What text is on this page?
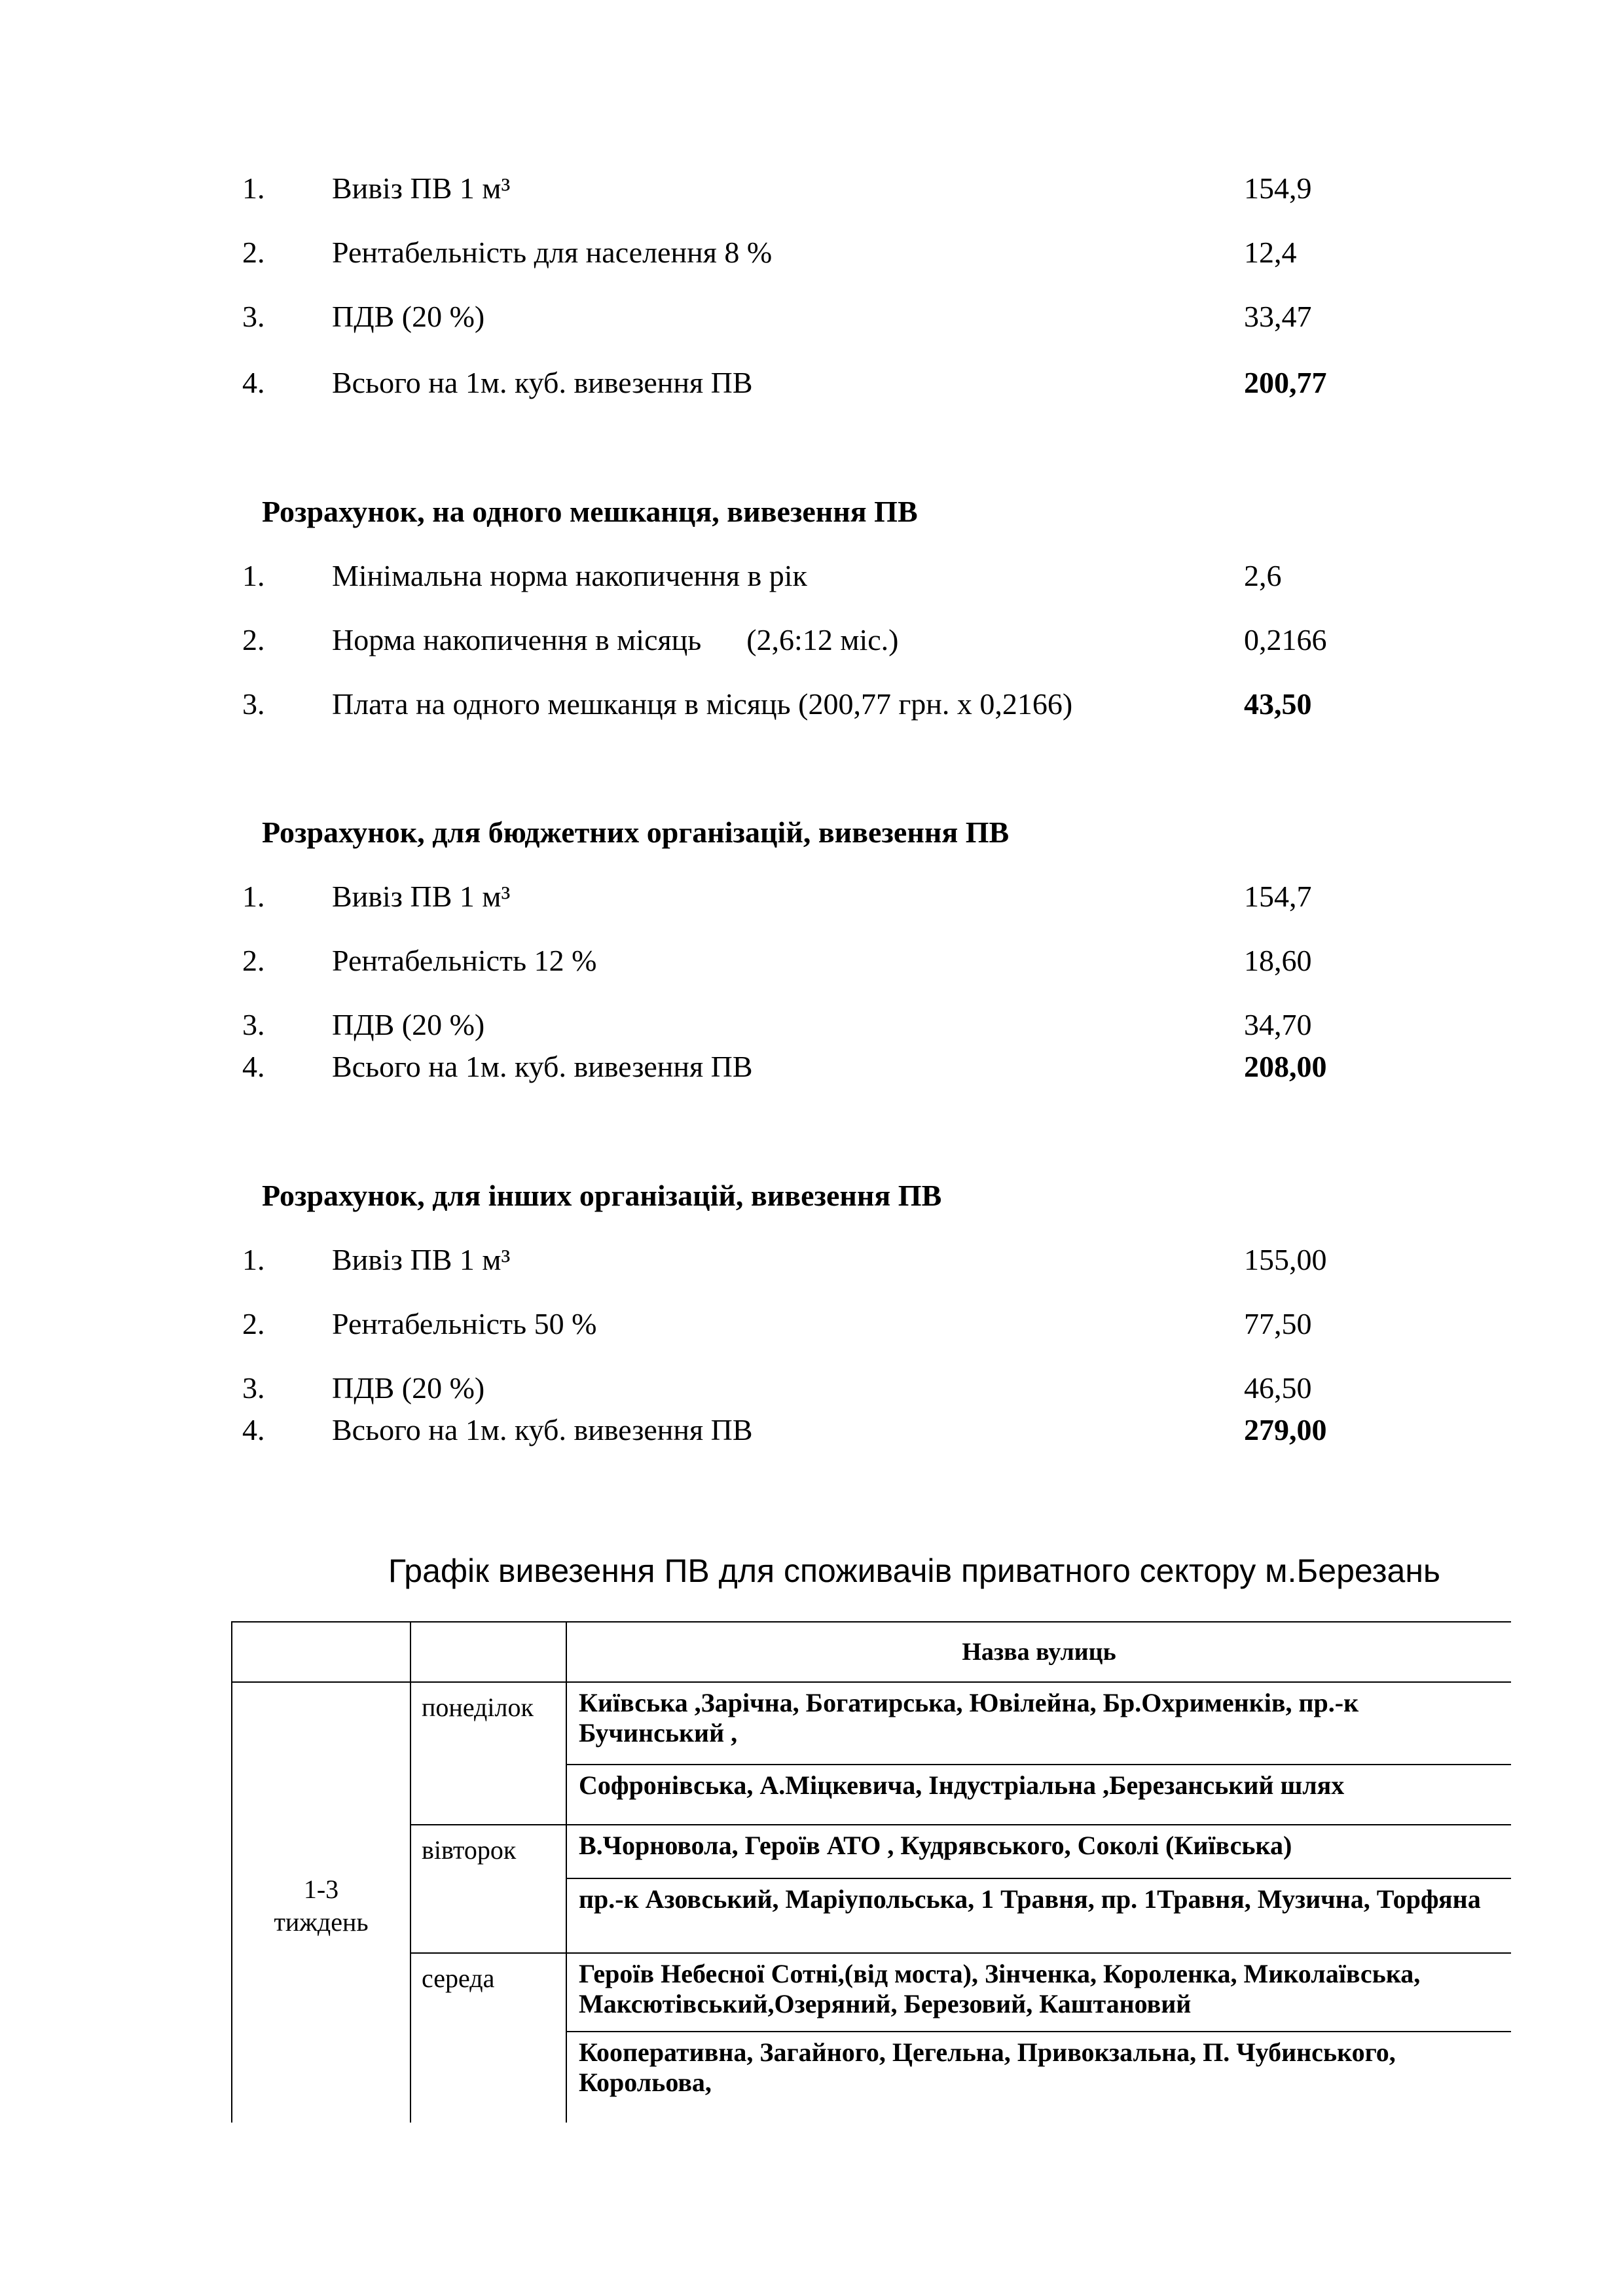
1. Вивіз ПВ 1 м³	154,9
2. Рентабельність для населення 8 %	12,4
3. ПДВ (20 %)	33,47
4. Всього на 1м. куб. вивезення ПВ	200,77
Розрахунок, на одного мешканця, вивезення ПВ
1. Мінімальна норма накопичення в рік	2,6
2. Норма накопичення в місяць      (2,6:12 міс.)	0,2166
3. Плата на одного мешканця в місяць (200,77 грн. х 0,2166)	43,50
Розрахунок, для бюджетних організацій, вивезення ПВ
1. Вивіз ПВ 1 м³	154,7
2. Рентабельність 12 %	18,60
3. ПДВ (20 %)	34,70
4. Всього на 1м. куб. вивезення ПВ	208,00
Розрахунок, для інших організацій, вивезення ПВ
1. Вивіз ПВ 1 м³	155,00
2. Рентабельність 50 %	77,50
3. ПДВ (20 %)	46,50
4. Всього на 1м. куб. вивезення ПВ	279,00
Графік вивезення ПВ для споживачів приватного сектору м.Березань
		Назва вулиць
1-3 тиждень	понеділок	Київська ,Зарічна, Богатирська, Ювілейна, Бр.Охрименків, пр.-к Бучинський ,

		Софронівська, А.Міцкевича, Індустріальна ,Березанський шлях

	вівторок	В.Чорновола, Героїв АТО , Кудрявського, Соколі (Київська)

		пр.-к Азовський, Маріупольська, 1 Травня, пр. 1Травня, Музична, Торфяна

	середа	Героїв Небесної Сотні,(від моста), Зінченка, Короленка, Миколаївська, Максютівський,Озеряний, Березовий, Каштановий

		Кооперативна, Загайного, Цегельна, Привокзальна, П. Чубинського, Корольова,
